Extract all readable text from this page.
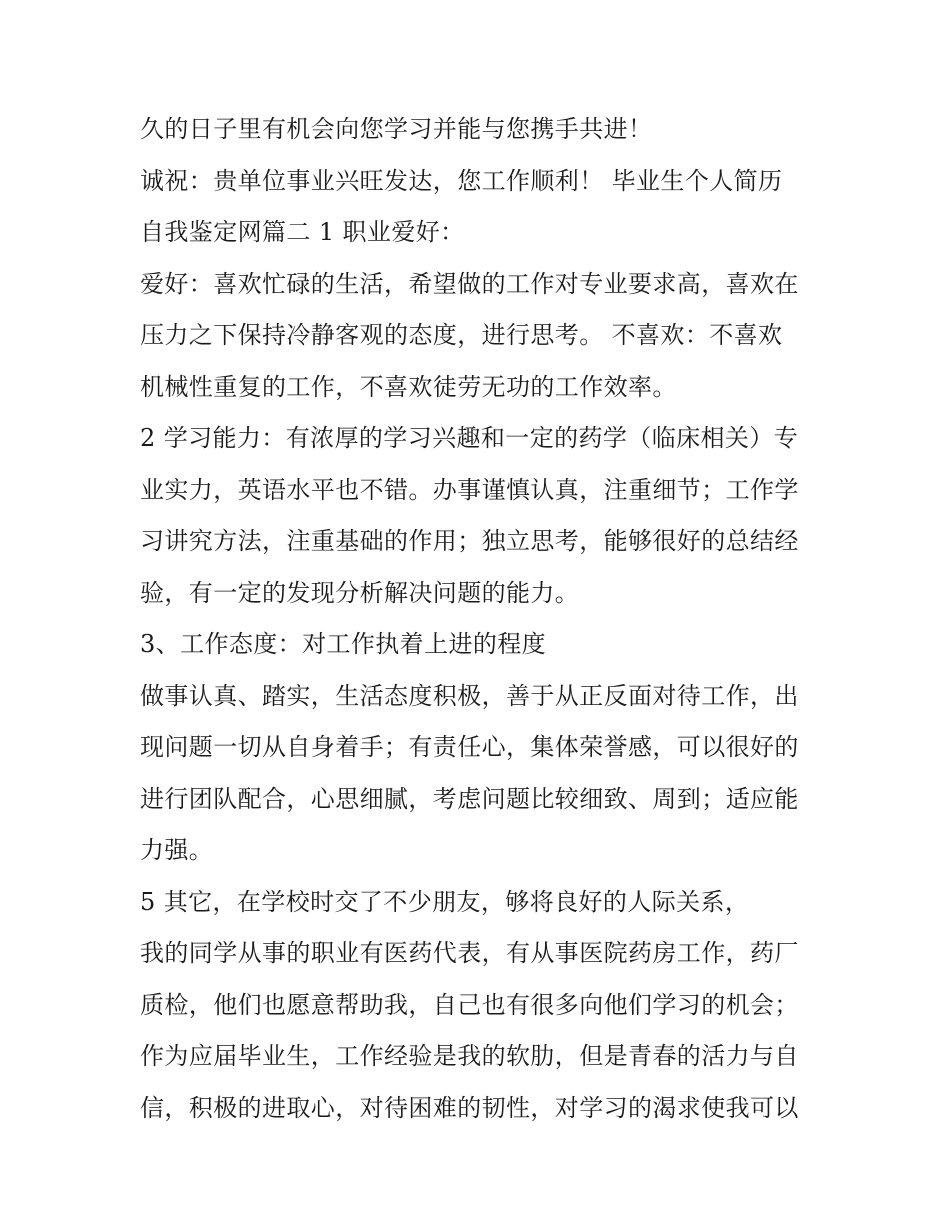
久的日子里有机会向您学习并能与您携手共进！
诚祝：贵单位事业兴旺发达，您工作顺利！ 毕业生个人简历
自我鉴定网篇二 1 职业爱好：
爱好：喜欢忙碌的生活，希望做的工作对专业要求高，喜欢在
压力之下保持冷静客观的态度，进行思考。 不喜欢：不喜欢
机械性重复的工作，不喜欢徒劳无功的工作效率。
2 学习能力：有浓厚的学习兴趣和一定的药学（临床相关）专
业实力，英语水平也不错。办事谨慎认真，注重细节；工作学
习讲究方法，注重基础的作用；独立思考，能够很好的总结经
验，有一定的发现分析解决问题的能力。
3、工作态度：对工作执着上进的程度
做事认真、踏实，生活态度积极，善于从正反面对待工作，出
现问题一切从自身着手；有责任心，集体荣誉感，可以很好的
进行团队配合，心思细腻，考虑问题比较细致、周到；适应能
力强。
5 其它，在学校时交了不少朋友，够将良好的人际关系，
我的同学从事的职业有医药代表，有从事医院药房工作，药厂
质检，他们也愿意帮助我，自己也有很多向他们学习的机会；
作为应届毕业生，工作经验是我的软肋，但是青春的活力与自
信，积极的进取心，对待困难的韧性，对学习的渴求使我可以
